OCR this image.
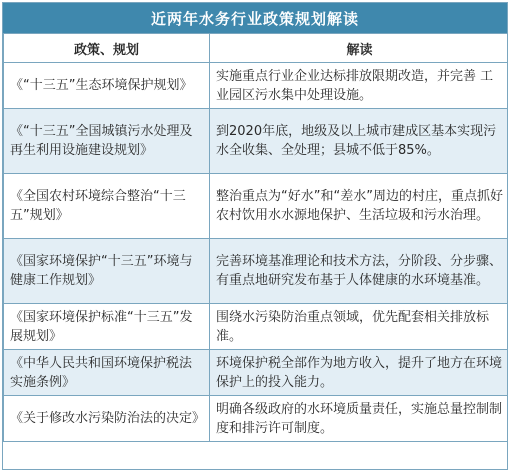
近两年水务行业政策规划解读
政策、规划	解读
《“十三五”生态环境保护规划》	实施重点行业企业达标排放限期改造，并完善 工业园区污水集中处理设施。
《“十三五”全国城镇污水处理及再生利用设施建设规划》	到2020年底，地级及以上城市建成区基本实现污水全收集、全处理；县城不低于85%。
《全国农村环境综合整治“十三五”规划》	整治重点为“好水”和“差水”周边的村庄，重点抓好农村饮用水水源地保护、生活垃圾和污水治理。
《国家环境保护“十三五”环境与健康工作规划》	完善环境基准理论和技术方法，分阶段、分步骤、有重点地研究发布基于人体健康的水环境基准。
《国家环境保护标准“十三五”发展规划》	围绕水污染防治重点领域，优先配套相关排放标准。
《中华人民共和国环境保护税法实施条例》	环境保护税全部作为地方收入，提升了地方在环境保护上的投入能力。
《关于修改水污染防治法的决定》	明确各级政府的水环境质量责任，实施总量控制制度和排污许可制度。
